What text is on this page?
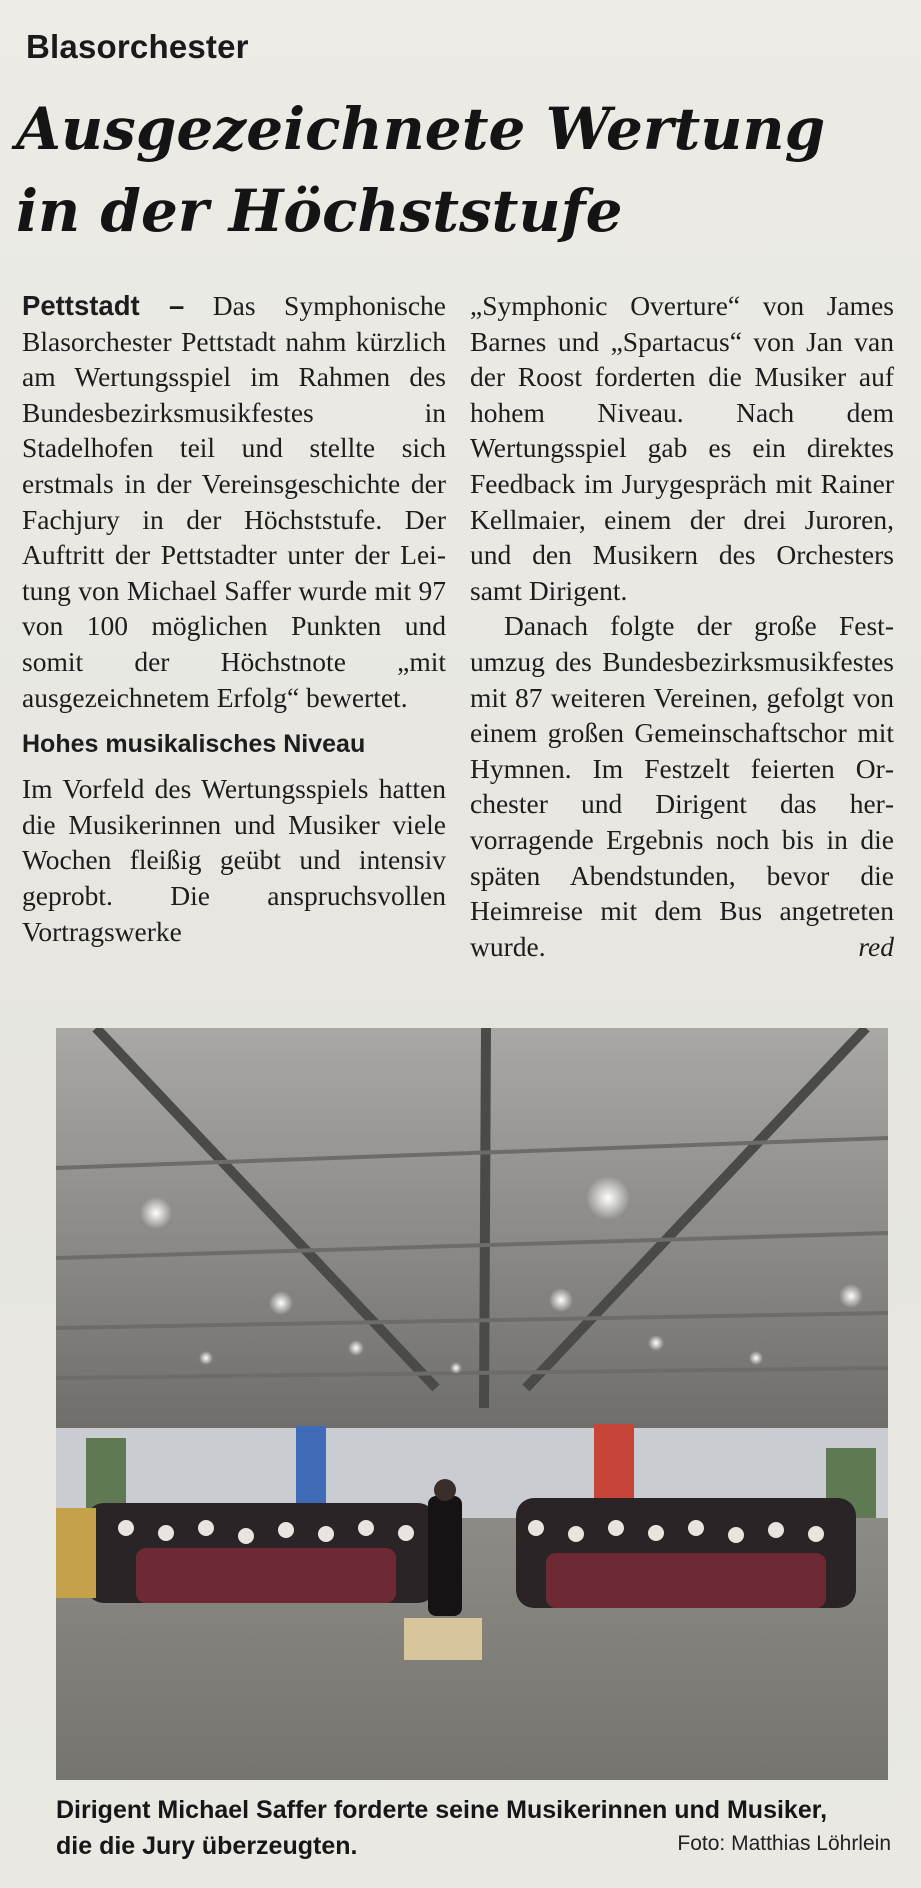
Blasorchester
Ausgezeichnete Wertung
in der Höchststufe

Pettstadt – Das Symphonische Blasorchester Pettstadt nahm kürzlich am Wertungsspiel im Rahmen des Bundesbezirksmusikfestes in Stadelhofen teil und stellte sich erstmals in der Vereinsgeschichte der Fachjury in der Höchststufe. Der Auftritt der Pettstadter unter der Leitung von Michael Saffer wurde mit 97 von 100 möglichen Punkten und somit der Höchstnote „mit ausgezeichnetem Erfolg“ bewertet.

Hohes musikalisches Niveau

Im Vorfeld des Wertungsspiels hatten die Musikerinnen und Musiker viele Wochen fleißig geübt und intensiv geprobt. Die anspruchsvollen Vortragswerke

„Symphonic Overture“ von James Barnes und „Spartacus“ von Jan van der Roost forderten die Musiker auf hohem Niveau. Nach dem Wertungsspiel gab es ein direktes Feedback im Jurygespräch mit Rainer Kellmaier, einem der drei Juroren, und den Musikern des Orchesters samt Dirigent.

Danach folgte der große Festumzug des Bundesbezirksmusikfestes mit 87 weiteren Vereinen, gefolgt von einem großen Gemeinschaftschor mit Hymnen. Im Festzelt feierten Orchester und Dirigent das hervorragende Ergebnis noch bis in die späten Abendstunden, bevor die Heimreise mit dem Bus angetreten wurde.	red

Dirigent Michael Saffer forderte seine Musikerinnen und Musiker,
die die Jury überzeugten.	Foto: Matthias Löhrlein
